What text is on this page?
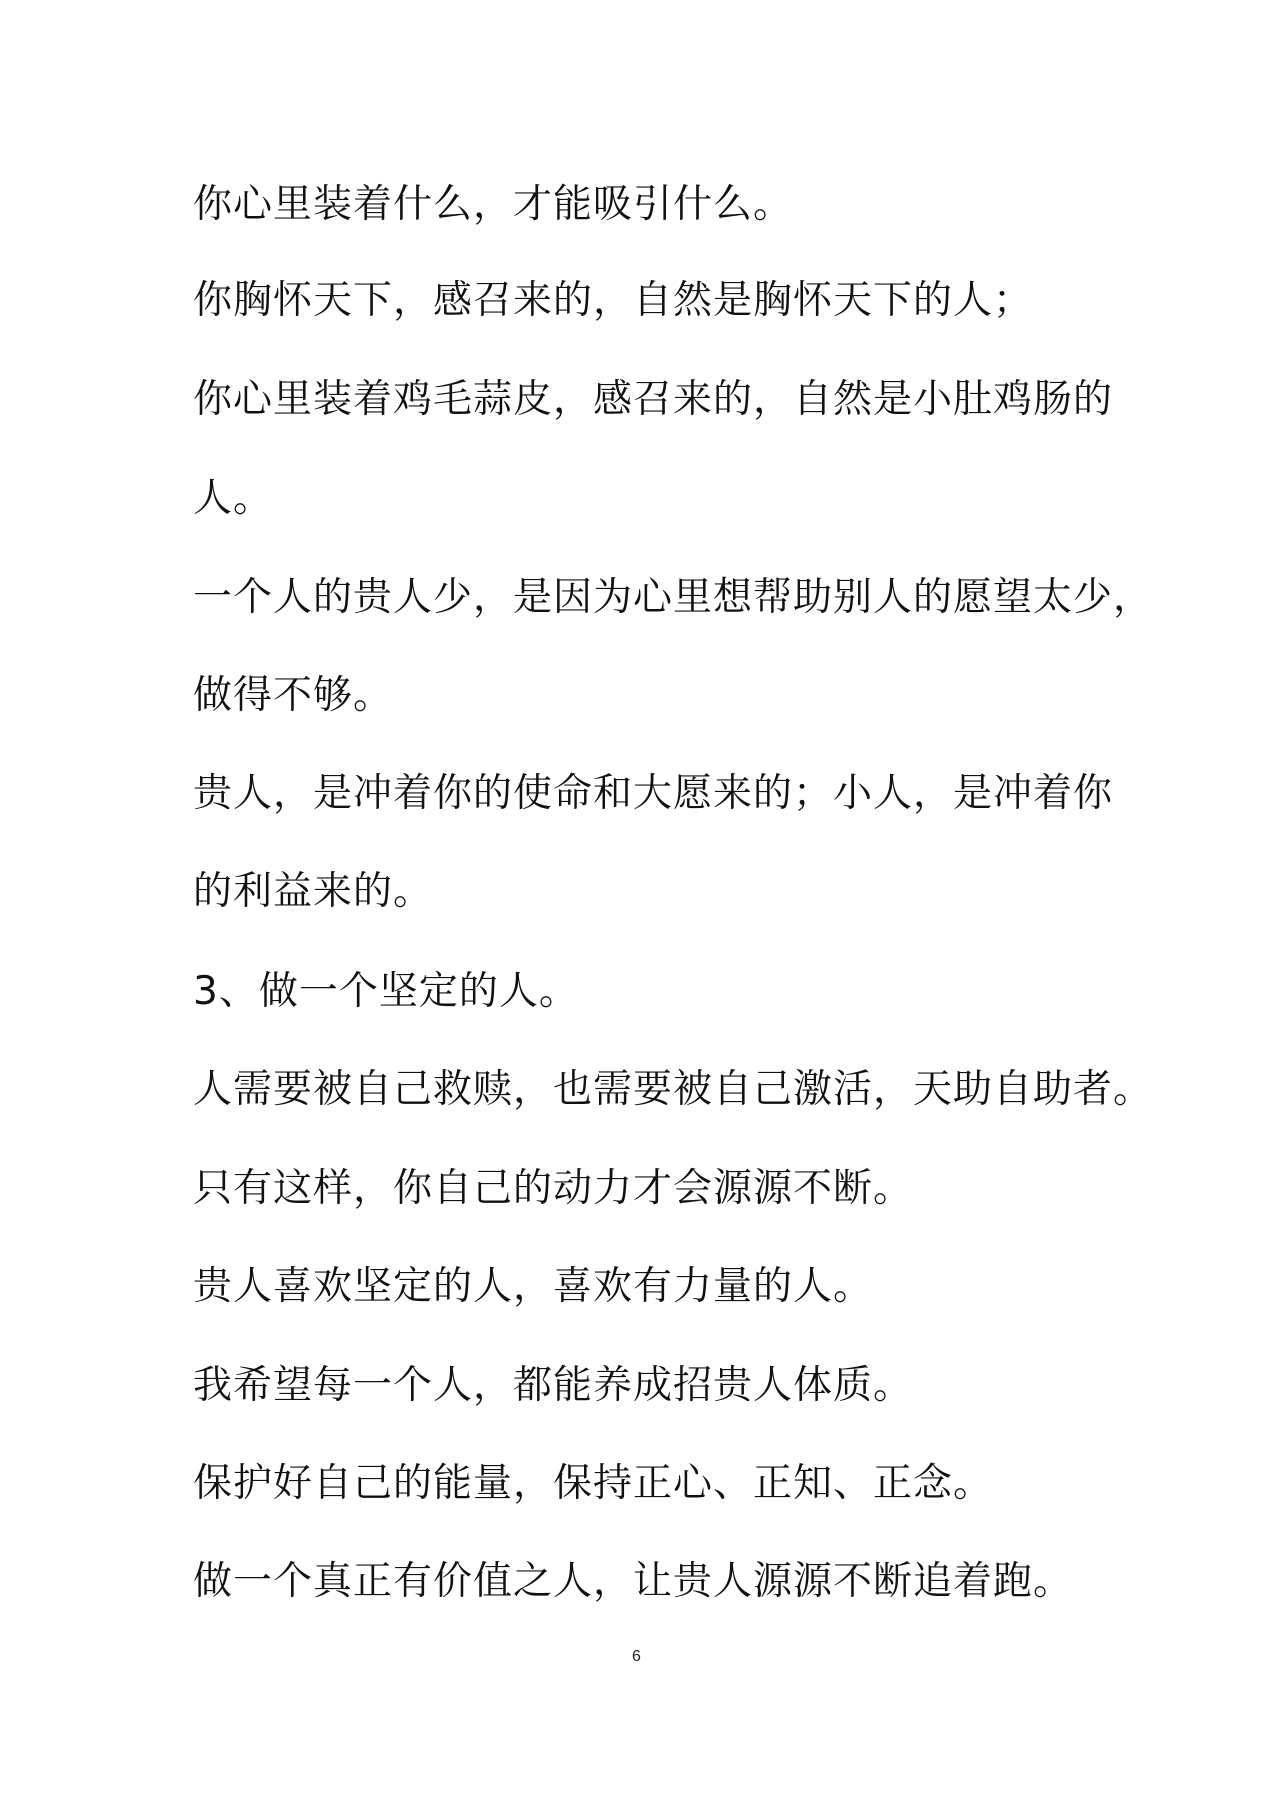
你心里装着什么，才能吸引什么。
你胸怀天下，感召来的，自然是胸怀天下的人；
你心里装着鸡毛蒜皮，感召来的，自然是小肚鸡肠的
人。
一个人的贵人少，是因为心里想帮助别人的愿望太少，
做得不够。
贵人，是冲着你的使命和大愿来的；小人，是冲着你
的利益来的。
3、做一个坚定的人。
人需要被自己救赎，也需要被自己激活，天助自助者。
只有这样，你自己的动力才会源源不断。
贵人喜欢坚定的人，喜欢有力量的人。
我希望每一个人，都能养成招贵人体质。
保护好自己的能量，保持正心、正知、正念。
做一个真正有价值之人，让贵人源源不断追着跑。
6
